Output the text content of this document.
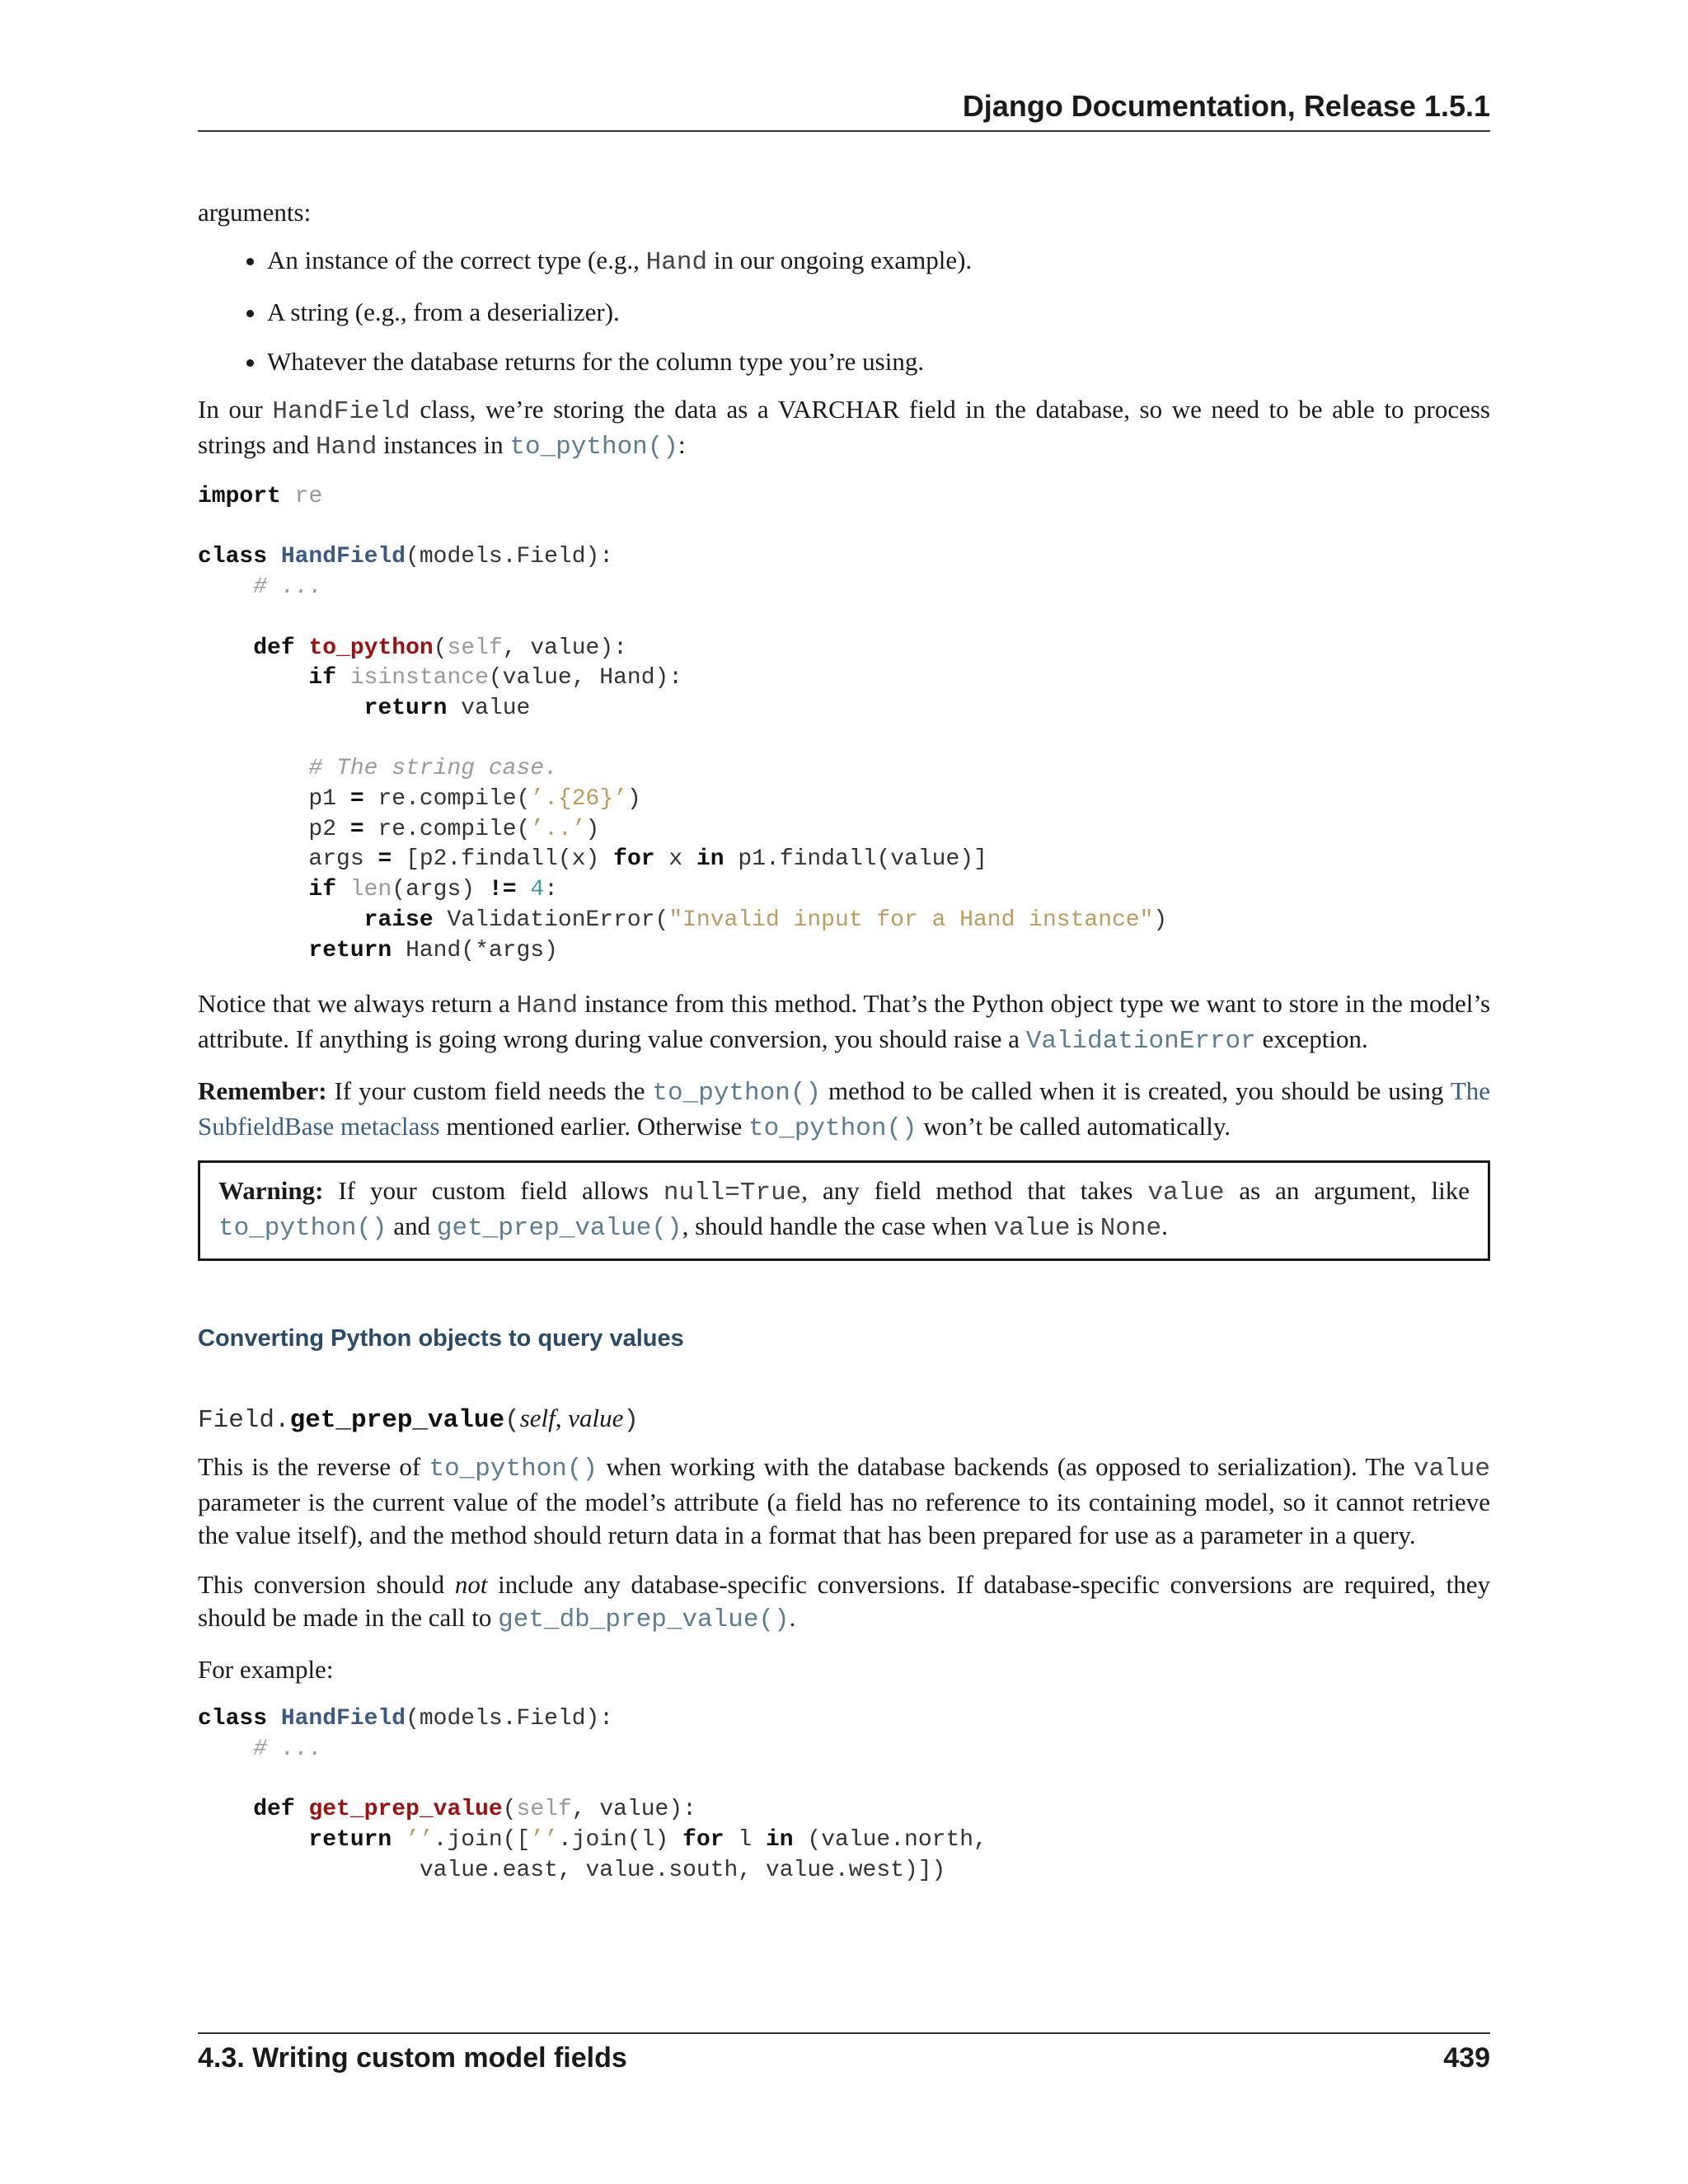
Django Documentation, Release 1.5.1

arguments:

• An instance of the correct type (e.g., Hand in our ongoing example).
• A string (e.g., from a deserializer).
• Whatever the database returns for the column type you’re using.

In our HandField class, we’re storing the data as a VARCHAR field in the database, so we need to be able to process strings and Hand instances in to_python():

import re

class HandField(models.Field):
# ...

def to_python(self, value):
if isinstance(value, Hand):
return value

# The string case.
p1 = re.compile(’.{26}’)
p2 = re.compile(’..’)
args = [p2.findall(x) for x in p1.findall(value)]
if len(args) != 4:
raise ValidationError("Invalid input for a Hand instance")
return Hand(*args)

Notice that we always return a Hand instance from this method. That’s the Python object type we want to store in the model’s attribute. If anything is going wrong during value conversion, you should raise a ValidationError exception.

Remember: If your custom field needs the to_python() method to be called when it is created, you should be using The SubfieldBase metaclass mentioned earlier. Otherwise to_python() won’t be called automatically.

Warning: If your custom field allows null=True, any field method that takes value as an argument, like to_python() and get_prep_value(), should handle the case when value is None.

Converting Python objects to query values
Field.get_prep_value(self, value)

This is the reverse of to_python() when working with the database backends (as opposed to serialization). The value parameter is the current value of the model’s attribute (a field has no reference to its containing model, so it cannot retrieve the value itself), and the method should return data in a format that has been prepared for use as a parameter in a query.

This conversion should not include any database-specific conversions. If database-specific conversions are required, they should be made in the call to get_db_prep_value().

For example:

class HandField(models.Field):
# ...

def get_prep_value(self, value):
return ’’.join([’’.join(l) for l in (value.north,
value.east, value.south, value.west)])
4.3. Writing custom model fields	439
